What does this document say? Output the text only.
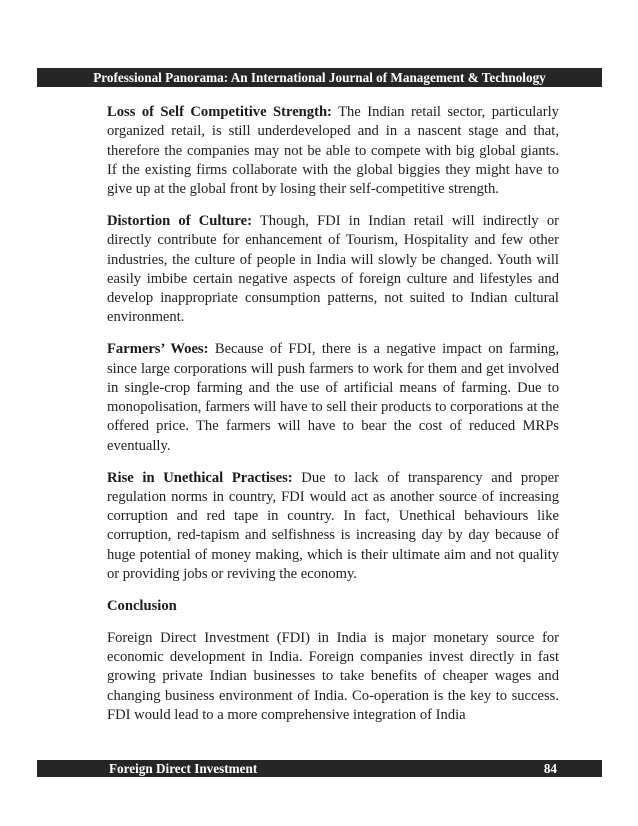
Professional Panorama: An International Journal of Management & Technology

Loss of Self Competitive Strength: The Indian retail sector, particularly organized retail, is still underdeveloped and in a nascent stage and that, therefore the companies may not be able to compete with big global giants. If the existing firms collaborate with the global biggies they might have to give up at the global front by losing their self-competitive strength.

Distortion of Culture: Though, FDI in Indian retail will indirectly or directly contribute for enhancement of Tourism, Hospitality and few other industries, the culture of people in India will slowly be changed. Youth will easily imbibe certain negative aspects of foreign culture and lifestyles and develop inappropriate consumption patterns, not suited to Indian cultural environment.

Farmers’ Woes: Because of FDI, there is a negative impact on farming, since large corporations will push farmers to work for them and get involved in single-crop farming and the use of artificial means of farming. Due to monopolisation, farmers will have to sell their products to corporations at the offered price. The farmers will have to bear the cost of reduced MRPs eventually.

Rise in Unethical Practises: Due to lack of transparency and proper regulation norms in country, FDI would act as another source of increasing corruption and red tape in country. In fact, Unethical behaviours like corruption, red-tapism and selfishness is increasing day by day because of huge potential of money making, which is their ultimate aim and not quality or providing jobs or reviving the economy.

Conclusion

Foreign Direct Investment (FDI) in India is major monetary source for economic development in India. Foreign companies invest directly in fast growing private Indian businesses to take benefits of cheaper wages and changing business environment of India. Co-operation is the key to success. FDI would lead to a more comprehensive integration of India

Foreign Direct Investment	84
